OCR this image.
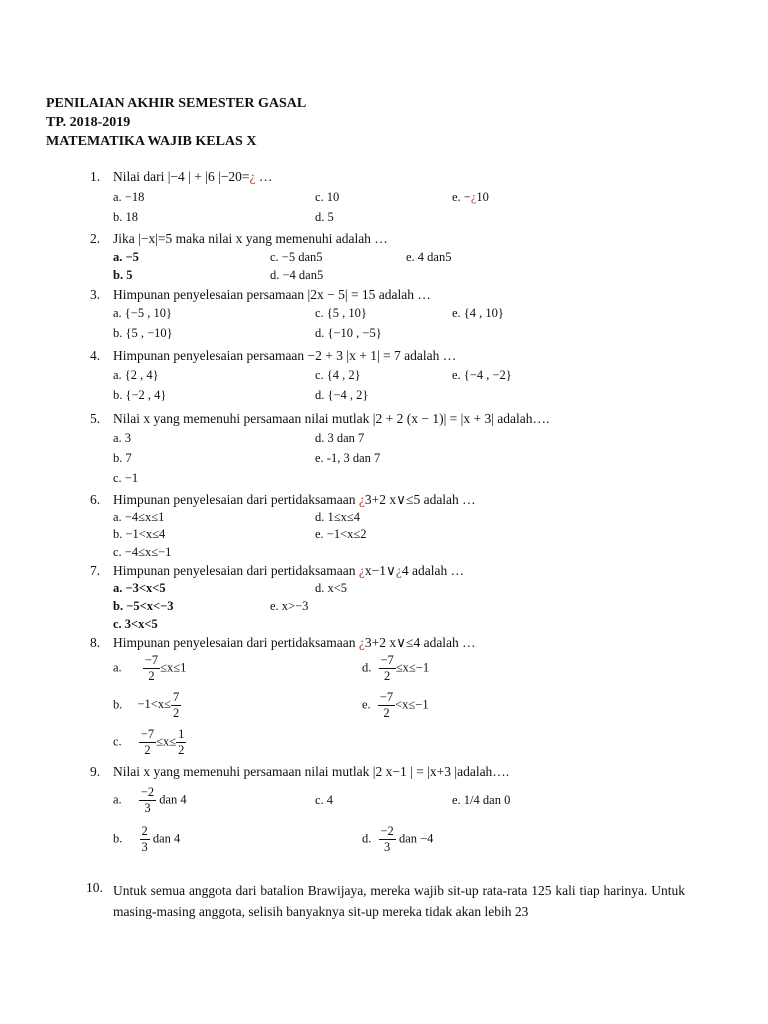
PENILAIAN AKHIR SEMESTER GASAL
TP. 2018-2019
MATEMATIKA WAJIB KELAS X
1. Nilai dari |−4 | + |6 |−20=¿ …
a. −18
b. 18
c. 10
d. 5
e. −¿10
2. Jika |−x|=5 maka nilai x yang memenuhi adalah …
a. −5
b. 5
c. −5 dan5
d. −4 dan5
e. 4 dan5
3. Himpunan penyelesaian persamaan |2x − 5| = 15 adalah …
a. {−5 , 10}
b. {5 , −10}
c. {5 , 10}
d. {−10 , −5}
e. {4 , 10}
4. Himpunan penyelesaian persamaan −2 + 3 |x + 1| = 7 adalah …
a. {2 , 4}
b. {−2 , 4}
c. {4 , 2}
d. {−4 , 2}
e. {−4 , −2}
5. Nilai x yang memenuhi persamaan nilai mutlak |2 + 2 (x − 1)| = |x + 3| adalah….
a. 3
b. 7
c. −1
d. 3 dan 7
e. -1, 3 dan 7
6. Himpunan penyelesaian dari pertidaksamaan ¿3+2 x∨≤5 adalah …
a. −4≤x≤1
b. −1<x≤4
c. −4≤x≤−1
d. 1≤x≤4
e. −1<x≤2
7. Himpunan penyelesaian dari pertidaksamaan ¿x−1∨¿4 adalah …
a. −3<x<5
b. −5<x<−3
c. 3<x<5
d. x<5
e. x>−3
8. Himpunan penyelesaian dari pertidaksamaan ¿3+2 x∨≤4 adalah …
a. $\frac{-7}{2} \le x\le 1$
b. $-1<x\le \frac{7}{2}$
c. $\frac{-7}{2} \le x\le \frac{1}{2}$
d. $\frac{-7}{2} \le x\le-1$
e. $\frac{-7}{2} <x\le-1$
9. Nilai x yang memenuhi persamaan nilai mutlak |2 x−1 | = |x+3 |adalah….
a. $\frac{-2}{3}$ dan 4
b. $\frac{2}{3}$ dan 4
c. 4
d. $\frac{-2}{3}$ dan −4
e. 1/4 dan 0
10. Untuk semua anggota dari batalion Brawijaya, mereka wajib sit-up rata-rata 125 kali tiap harinya. Untuk masing-masing anggota, selisih banyaknya sit-up mereka tidak akan lebih 23
